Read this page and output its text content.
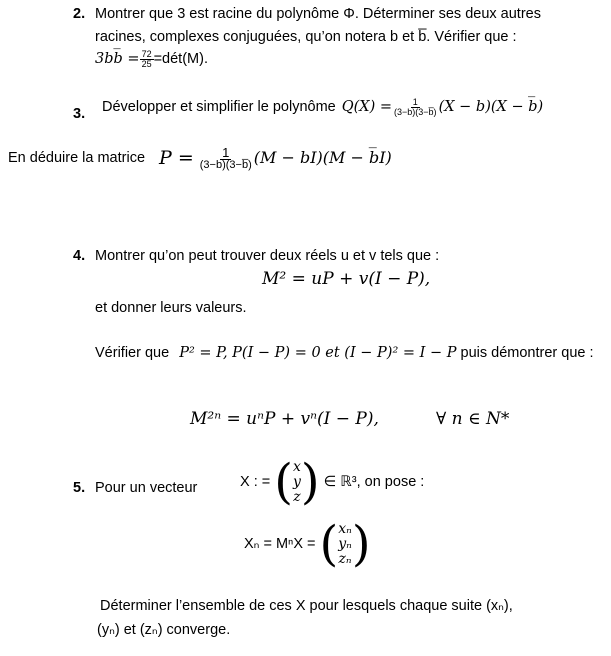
2. Montrer que 3 est racine du polynôme Φ. Déterminer ses deux autres
racines, complexes conjuguées, qu’on notera b et b̅. Vérifier que :
3bb̅ = $\frac{72}{25}$ =dét(M).
3. Développer et simplifier le polynôme $Q(X) = \frac{1}{(3-b)(3-b̅)} (X - b)(X$ − b̅)
En déduire la matrice $P = \frac{1}{(3-b)(3-b̅)} (M - bI)(M$ − b̅I)
4. Montrer qu’on peut trouver deux réels u et v tels que :
M² = uP + v(I − P),
et donner leurs valeurs.
Vérifier que P² = P, P(I − P) = 0 et (I − P)² = I − P puis démontrer que :
M²ⁿ = uⁿP + vⁿ(I − P),	∀ n ∈ N*
5. Pour un vecteur	X : = ( x
y
z ) ∈ ℝ³, on pose :
Xₙ = MⁿX = ( xₙ
yₙ
zₙ )
Déterminer l’ensemble de ces X pour lesquels chaque suite (xₙ),
(yₙ) et (zₙ) converge.
